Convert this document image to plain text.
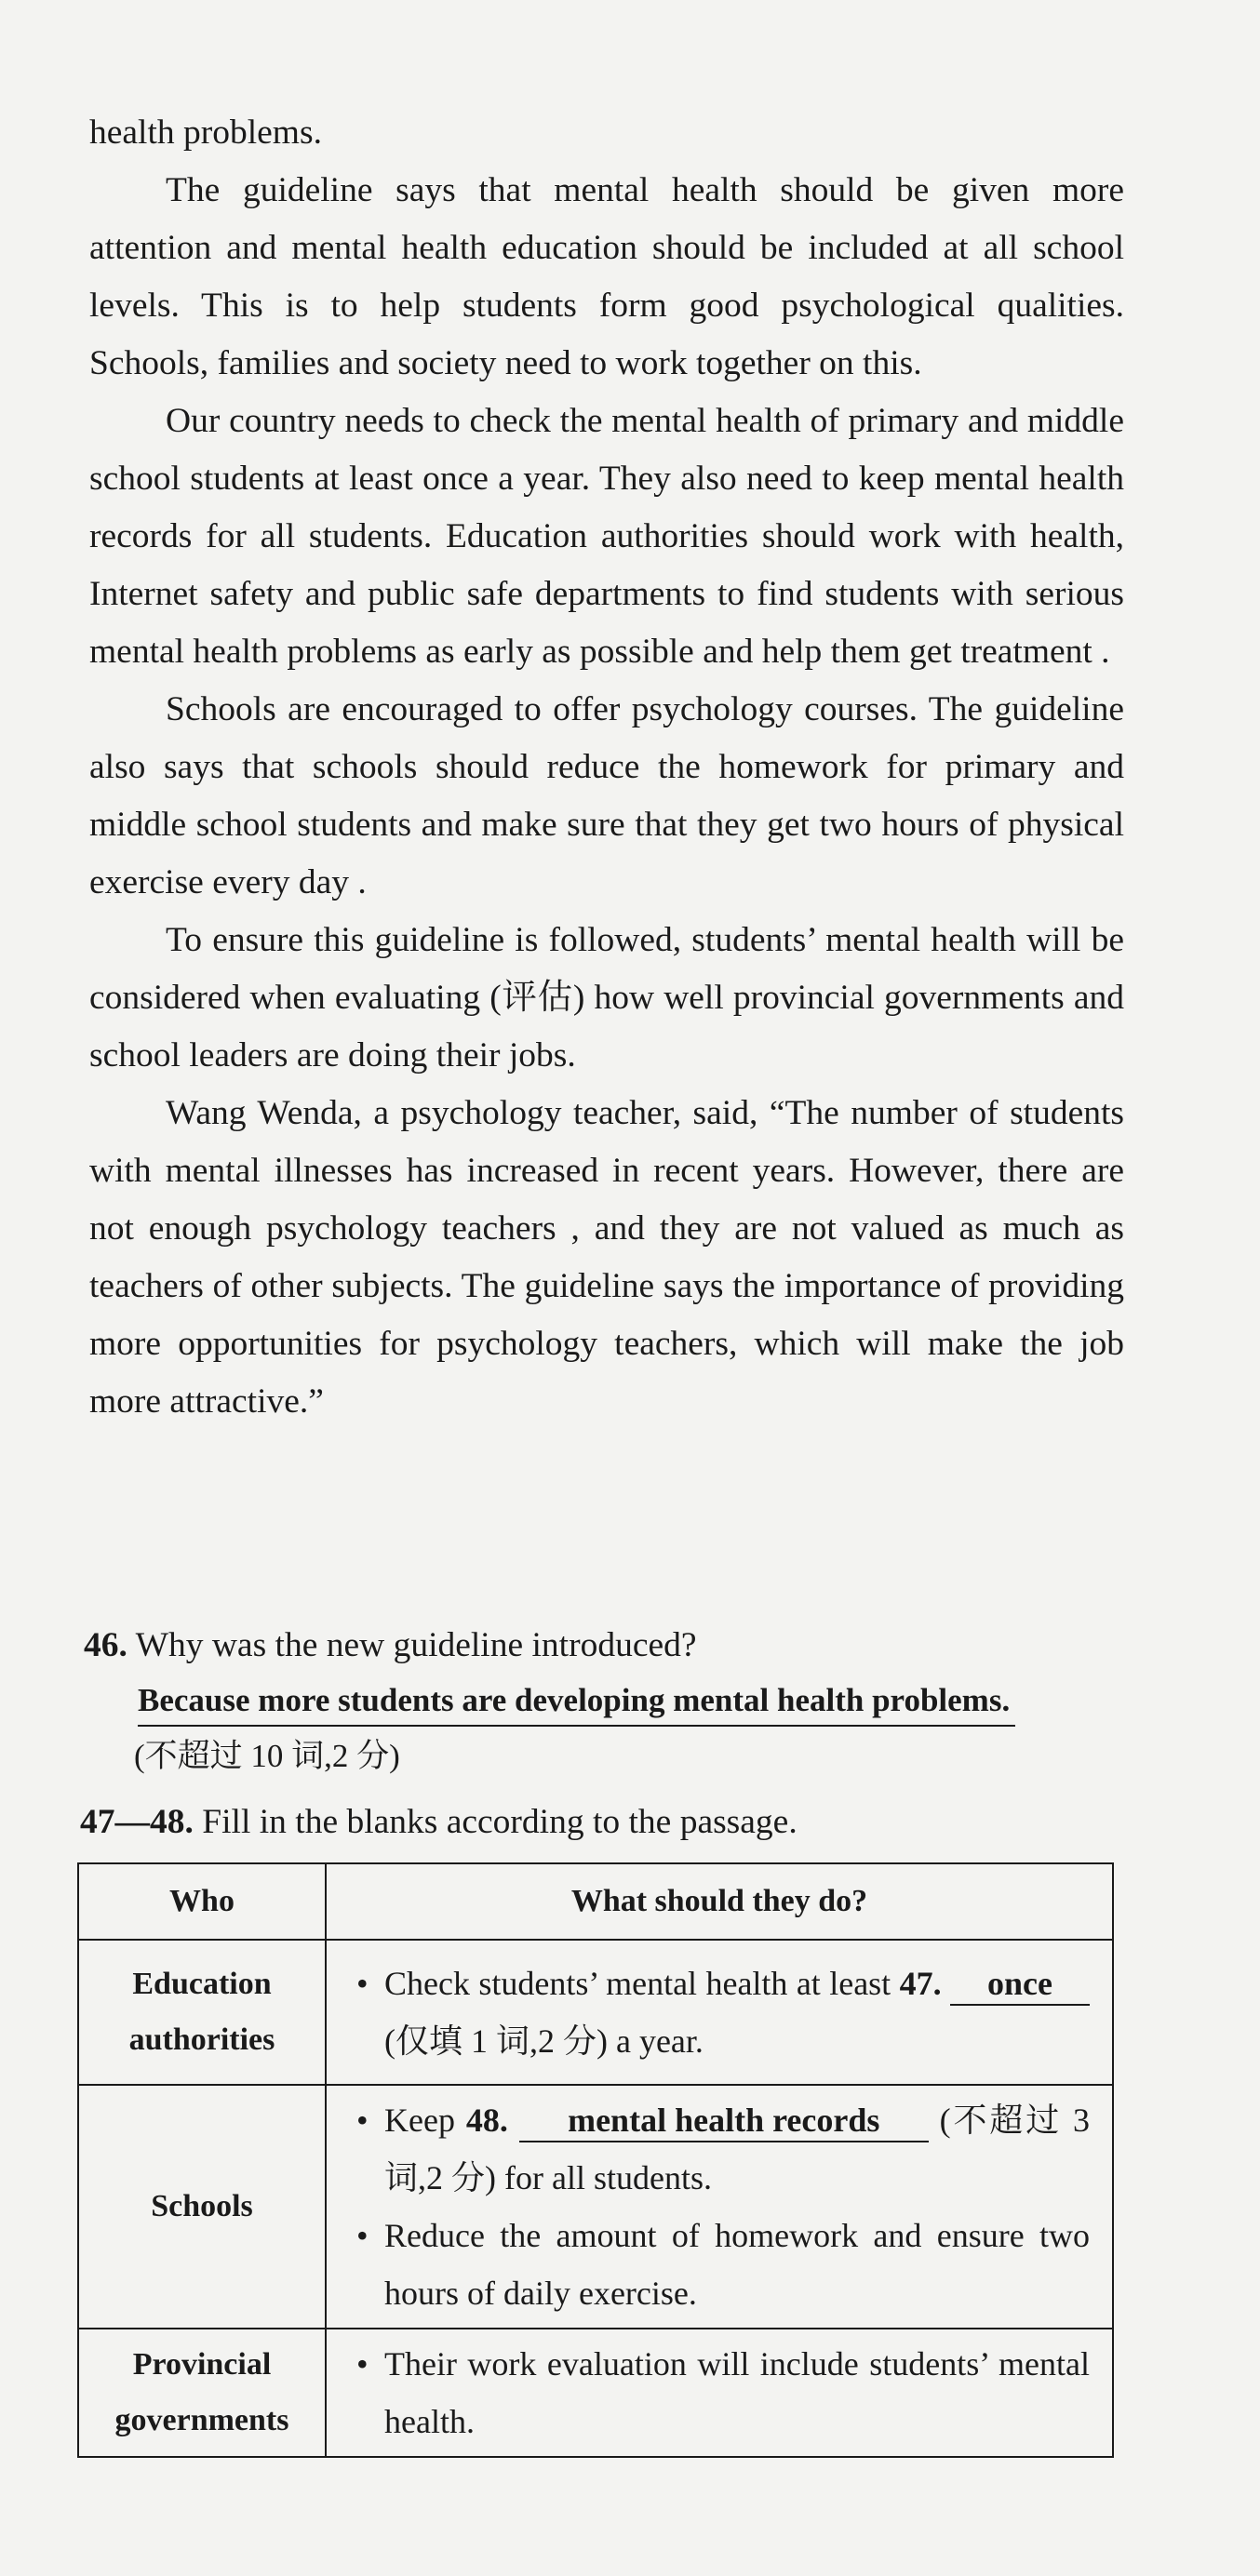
health problems.

The guideline says that mental health should be given more attention and mental health education should be included at all school levels. This is to help students form good psychological qualities. Schools, families and society need to work together on this.

Our country needs to check the mental health of primary and middle school students at least once a year. They also need to keep mental health records for all students. Education authorities should work with health, Internet safety and public safe departments to find students with serious mental health problems as early as possible and help them get treatment .

Schools are encouraged to offer psychology courses. The guideline also says that schools should reduce the homework for primary and middle school students and make sure that they get two hours of physical exercise every day .

To ensure this guideline is followed, students’ mental health will be considered when evaluating (评估) how well provincial governments and school leaders are doing their jobs.

Wang Wenda, a psychology teacher, said, “The number of students with mental illnesses has increased in recent years. However, there are not enough psychology teachers , and they are not valued as much as teachers of other subjects. The guideline says the importance of providing more opportunities for psychology teachers, which will make the job more attractive.”

46. Why was the new guideline introduced?
Because more students are developing mental health problems.
(不超过 10 词,2 分)
47—48. Fill in the blanks according to the passage.
Who	What should they do?

Education
authorities	• Check students’ mental health at least 47. once (仅填 1 词,2 分) a year.

Schools	• Keep 48. mental health records (不超过 3 词,2 分) for all students.
• Reduce the amount of homework and ensure two hours of daily exercise.

Provincial
governments	• Their work evaluation will include students’ mental health.
